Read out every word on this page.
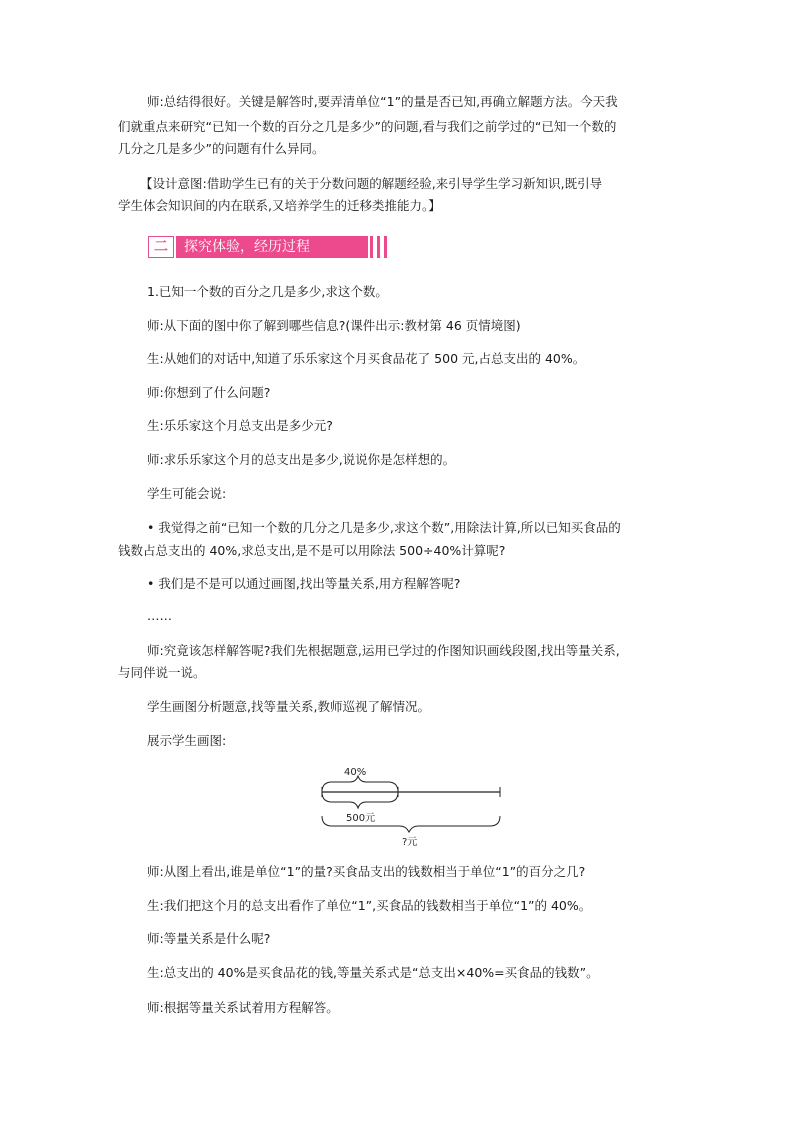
师:总结得很好。关键是解答时,要弄清单位“1”的量是否已知,再确立解题方法。今天我
们就重点来研究“已知一个数的百分之几是多少”的问题,看与我们之前学过的“已知一个数的
几分之几是多少”的问题有什么异同。
【设计意图:借助学生已有的关于分数问题的解题经验,来引导学生学习新知识,既引导
学生体会知识间的内在联系,又培养学生的迁移类推能力。】
二	探究体验，经历过程
1.已知一个数的百分之几是多少,求这个数。
师:从下面的图中你了解到哪些信息?(课件出示:教材第 46 页情境图)
生:从她们的对话中,知道了乐乐家这个月买食品花了 500 元,占总支出的 40%。
师:你想到了什么问题?
生:乐乐家这个月总支出是多少元?
师:求乐乐家这个月的总支出是多少,说说你是怎样想的。
学生可能会说:
• 我觉得之前“已知一个数的几分之几是多少,求这个数”,用除法计算,所以已知买食品的
钱数占总支出的 40%,求总支出,是不是可以用除法 500÷40%计算呢?
• 我们是不是可以通过画图,找出等量关系,用方程解答呢?
……
师:究竟该怎样解答呢?我们先根据题意,运用已学过的作图知识画线段图,找出等量关系,
与同伴说一说。
学生画图分析题意,找等量关系,教师巡视了解情况。
展示学生画图:
40%
500元
?元
师:从图上看出,谁是单位“1”的量?买食品支出的钱数相当于单位“1”的百分之几?
生:我们把这个月的总支出看作了单位“1”,买食品的钱数相当于单位“1”的 40%。
师:等量关系是什么呢?
生:总支出的 40%是买食品花的钱,等量关系式是“总支出×40%=买食品的钱数”。
师:根据等量关系试着用方程解答。
